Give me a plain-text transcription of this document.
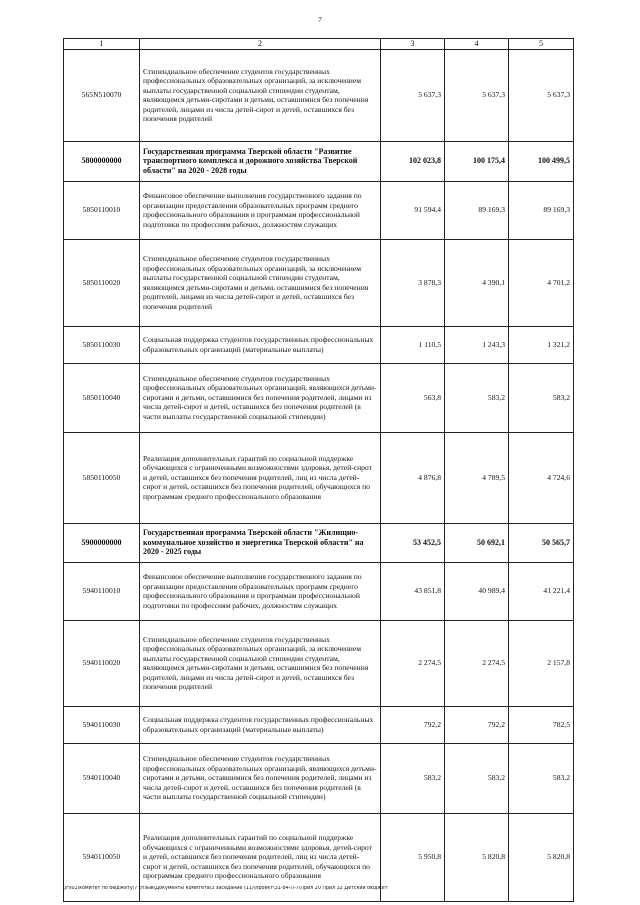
7
1	2	3	4	5
565N510070	Стипендиальное обеспечение студентов государственных профессиональных образовательных организаций, за исключением выплаты государственной социальной стипендии студентам, являющимся детьми-сиротами и детьми, оставшимися без попечения родителей, лицами из числа детей-сирот и детей, оставшихся без попечения родителей	5 637,3	5 637,3	5 637,3
5800000000	Государственная программа Тверской области "Развитие транспортного комплекса и дорожного хозяйства Тверской области" на 2020 - 2028 годы	102 023,8	100 175,4	100 499,5
5850110010	Финансовое обеспечение выполнения государственного задания по организации предоставления образовательных программ среднего профессионального образования и программам профессиональной подготовки по профессиям рабочих, должностям служащих	91 594,4	89 169,3	89 169,3
5850110020	Стипендиальное обеспечение студентов государственных профессиональных образовательных организаций, за исключением выплаты государственной социальной стипендии студентам, являющимся детьми-сиротами и детьми, оставшимися без попечения родителей, лицами из числа детей-сирот и детей, оставшихся без попечения родителей	3 878,3	4 390,1	4 701,2
5850110030	Социальная поддержка студентов государственных профессиональных образовательных организаций (материальные выплаты)	1 110,5	1 243,3	1 321,2
5850110040	Стипендиальное обеспечение студентов государственных профессиональных образовательных организаций, являющихся детьми-сиротами и детьми, оставшимися без попечения родителей, лицами из числа детей-сирот и детей, оставшихся без попечения родителей (в части выплаты государственной социальной стипендии)	563,8	583,2	583,2
5850110050	Реализация дополнительных гарантий по социальной поддержке обучающихся с ограниченными возможностями здоровья, детей-сирот и детей, оставшихся без попечения родителей, лиц из числа детей-сирот и детей, оставшихся без попечения родителей, обучающихся по программам среднего профессионального образования	4 876,8	4 789,5	4 724,6
5900000000	Государственная программа Тверской области "Жилищно-коммунальное хозяйство и энергетика Тверской области" на 2020 - 2025 годы	53 452,5	50 692,1	50 565,7
5940110010	Финансовое обеспечение выполнения государственного задания по организации предоставления образовательных программ среднего профессионального образования и программам профессиональной подготовки по профессиям рабочих, должностям служащих	43 851,8	40 989,4	41 221,4
5940110020	Стипендиальное обеспечение студентов государственных профессиональных образовательных организаций, за исключением выплаты государственной социальной стипендии студентам, являющимся детьми-сиротами и детьми, оставшимися без попечения родителей, лицами из числа детей-сирот и детей, оставшихся без попечения родителей	2 274,5	2 274,5	2 157,8
5940110030	Социальная поддержка студентов государственных профессиональных образовательных организаций (материальные выплаты)	792,2	792,2	782,5
5940110040	Стипендиальное обеспечение студентов государственных профессиональных образовательных организаций, являющихся детьми-сиротами и детьми, оставшимися без попечения родителей, лицами из числа детей-сирот и детей, оставшихся без попечения родителей (в части выплаты государственной социальной стипендии)	583,2	583,2	583,2
5940110050	Реализация дополнительных гарантий по социальной поддержке обучающихся с ограниченными возможностями здоровья, детей-сирот и детей, оставшихся без попечения родителей, лиц из числа детей-сирот и детей, оставшихся без попечения родителей, обучающихся по программам среднего профессионального образования	5 950,8	5 820,8	5 820,8
\\Fs01\комитет по бюджету\7 отзыв\Документы комитета\3 заседание (11)\проект\31-84-П-7\Прил 20 Прил 32 Детский бюджет
